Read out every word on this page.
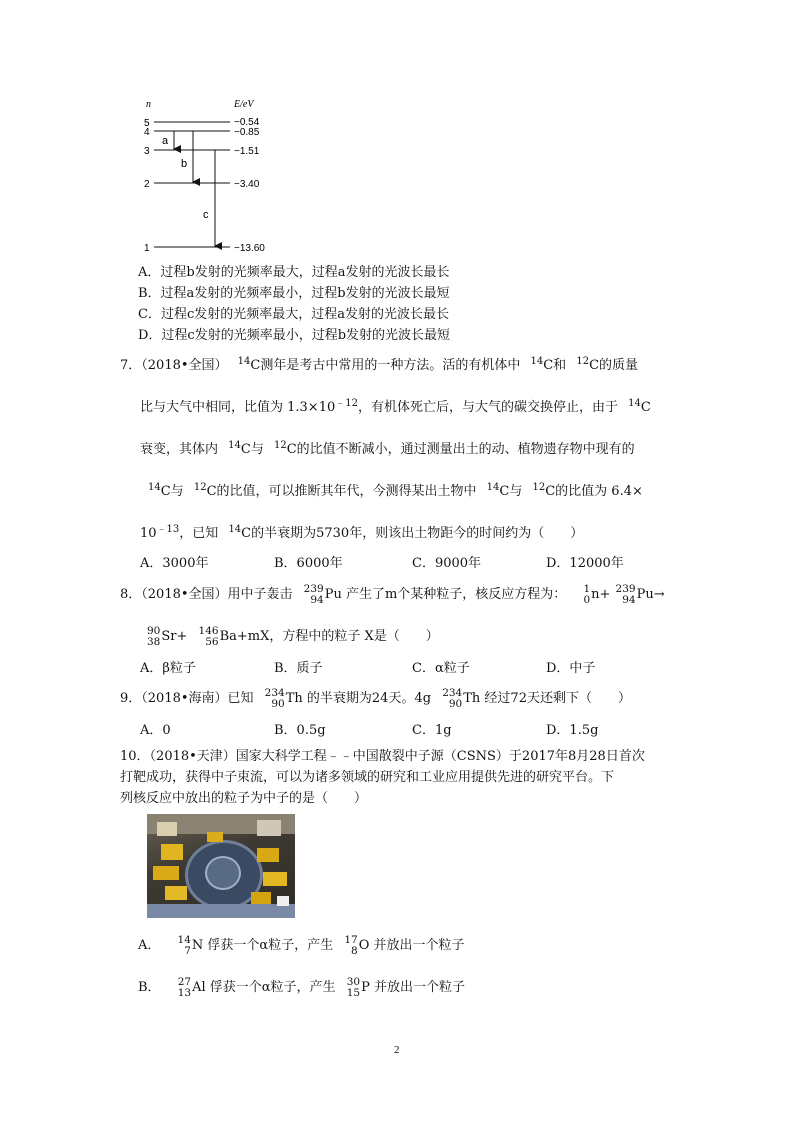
n	E/eV
5
4
3
2
1
−0.54
−0.85
−1.51
−3.40
−13.60
a
b
c
A．过程b发射的光频率最大，过程a发射的光波长最长
B．过程a发射的光频率最小，过程b发射的光波长最短
C．过程c发射的光频率最大，过程a发射的光波长最长
D．过程c发射的光频率最小，过程b发射的光波长最短
7．（2018•全国） $^{14}$C测年是考古中常用的一种方法。活的有机体中 $^{14}$C和 $^{12}$C的质量
比与大气中相同，比值为 $1.3\times 10^{﹣12}$，有机体死亡后，与大气的碳交换停止，由于 $^{14}$C
衰变，其体内 $^{14}$C与 $^{12}$C的比值不断减小，通过测量出土的动、植物遗存物中现有的
$^{14}$C与 $^{12}$C的比值，可以推断其年代，今测得某出土物中 $^{14}$C与 $^{12}$C的比值为 6.4×
$10^{﹣13}$，已知 $^{14}$C的半衰期为5730年，则该出土物距今的时间约为（　　）
A．3000年	B．6000年	C．9000年	D．12000年
8．（2018•全国）用中子轰击 239
94 Pu 产生了m个某种粒子，核反应方程为： 1
0 n+ 239
94 Pu→
90
38 Sr+ 146
56 Ba+mX，方程中的粒子 X是（　　）
A．β粒子	B．质子	C．α粒子	D．中子
9．（2018•海南）已知 234
90 Th 的半衰期为24天。4g 234
90 Th 经过72天还剩下（　　）
A．0	B．0.5g	C．1g	D．1.5g
10．（2018•天津）国家大科学工程﹣﹣中国散裂中子源（CSNS）于2017年8月28日首次
打靶成功，获得中子束流，可以为诸多领域的研究和工业应用提供先进的研究平台。下
列核反应中放出的粒子为中子的是（　　）
A． 14
7 N 俘获一个α粒子，产生 17
8 O 并放出一个粒子
B． 27
13 Al 俘获一个α粒子，产生 30
15 P 并放出一个粒子
2
